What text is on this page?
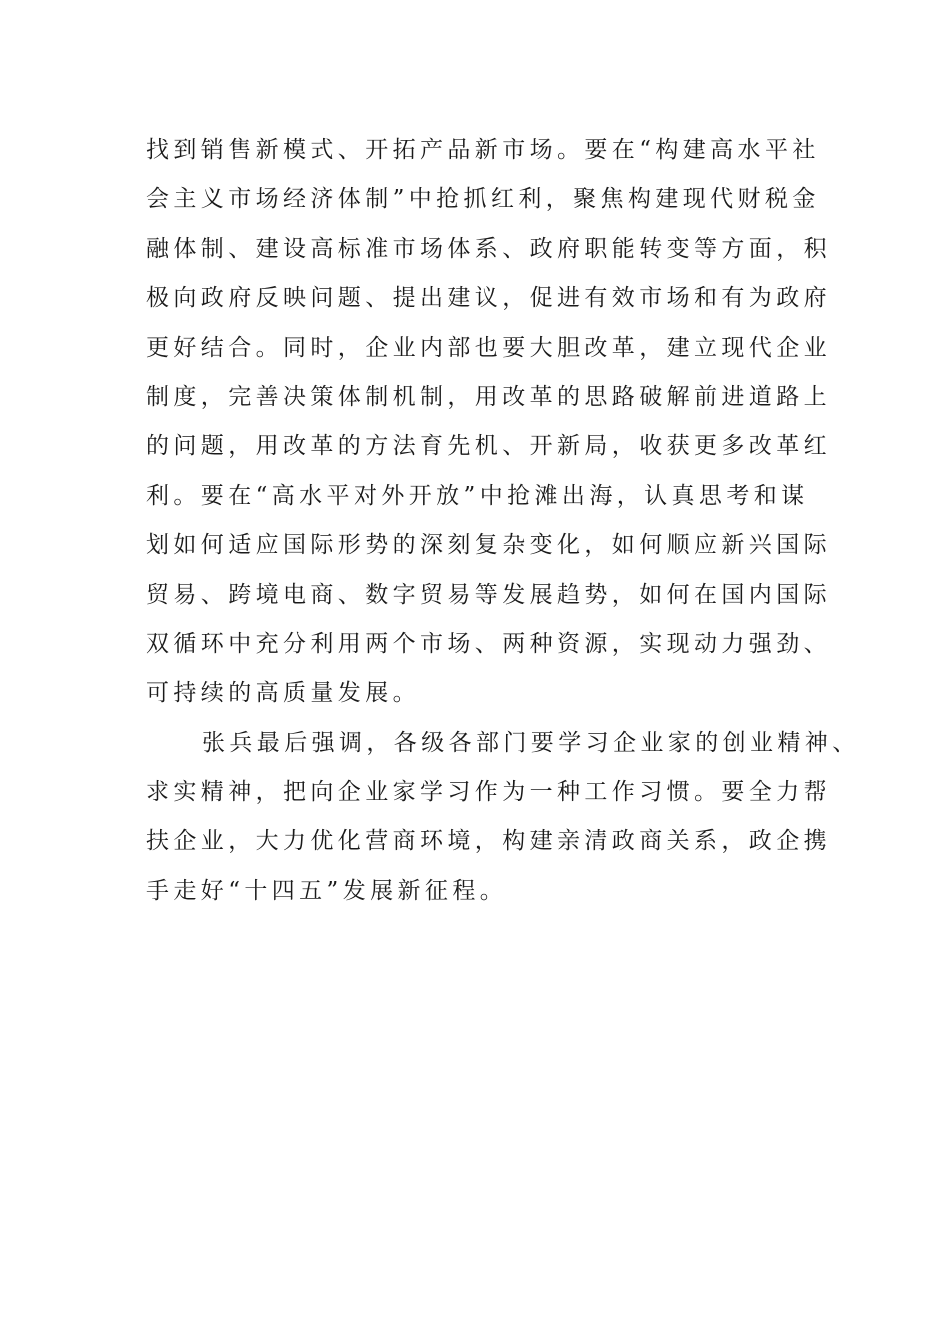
找到销售新模式、开拓产品新市场。要在“构建高水平社
会主义市场经济体制”中抢抓红利，聚焦构建现代财税金
融体制、建设高标准市场体系、政府职能转变等方面，积
极向政府反映问题、提出建议，促进有效市场和有为政府
更好结合。同时，企业内部也要大胆改革，建立现代企业
制度，完善决策体制机制，用改革的思路破解前进道路上
的问题，用改革的方法育先机、开新局，收获更多改革红
利。要在“高水平对外开放”中抢滩出海，认真思考和谋
划如何适应国际形势的深刻复杂变化，如何顺应新兴国际
贸易、跨境电商、数字贸易等发展趋势，如何在国内国际
双循环中充分利用两个市场、两种资源，实现动力强劲、
可持续的高质量发展。
张兵最后强调，各级各部门要学习企业家的创业精神、
求实精神，把向企业家学习作为一种工作习惯。要全力帮
扶企业，大力优化营商环境，构建亲清政商关系，政企携
手走好“十四五”发展新征程。
